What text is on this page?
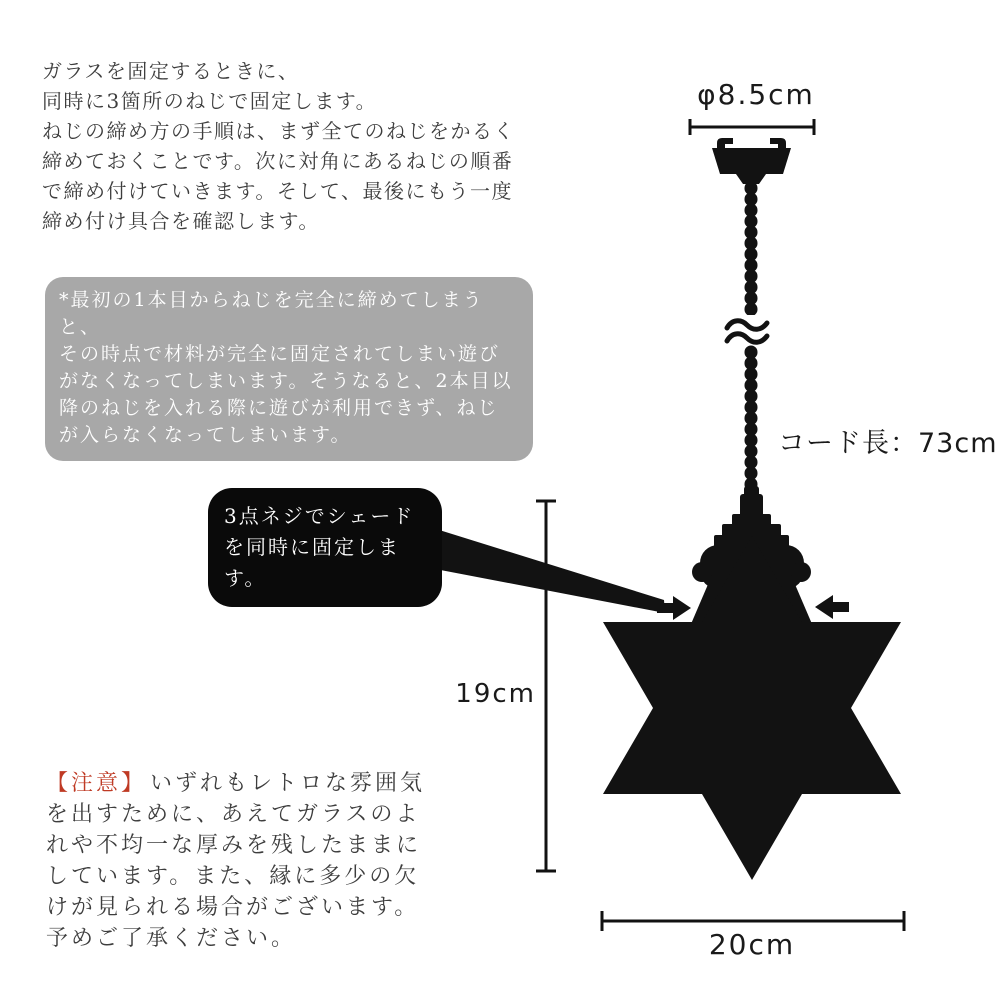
ガラスを固定するときに、
同時に3箇所のねじで固定します。
ねじの締め方の手順は、まず全てのねじをかるく
締めておくことです。次に対角にあるねじの順番
で締め付けていきます。そして、最後にもう一度
締め付け具合を確認します。
*最初の1本目からねじを完全に締めてしまうと、
その時点で材料が完全に固定されてしまい遊び
がなくなってしまいます。そうなると、2本目以
降のねじを入れる際に遊びが利用できず、ねじ
が入らなくなってしまいます。
3点ネジでシェード
を同時に固定します。
【注意】 いずれもレトロな雰囲気
を出すために、あえてガラスのよ
れや不均一な厚みを残したままに
しています。また、縁に多少の欠
けが見られる場合がございます。
予めご了承ください。
φ8.5cm
コード長：73cm
19cm
20cm
